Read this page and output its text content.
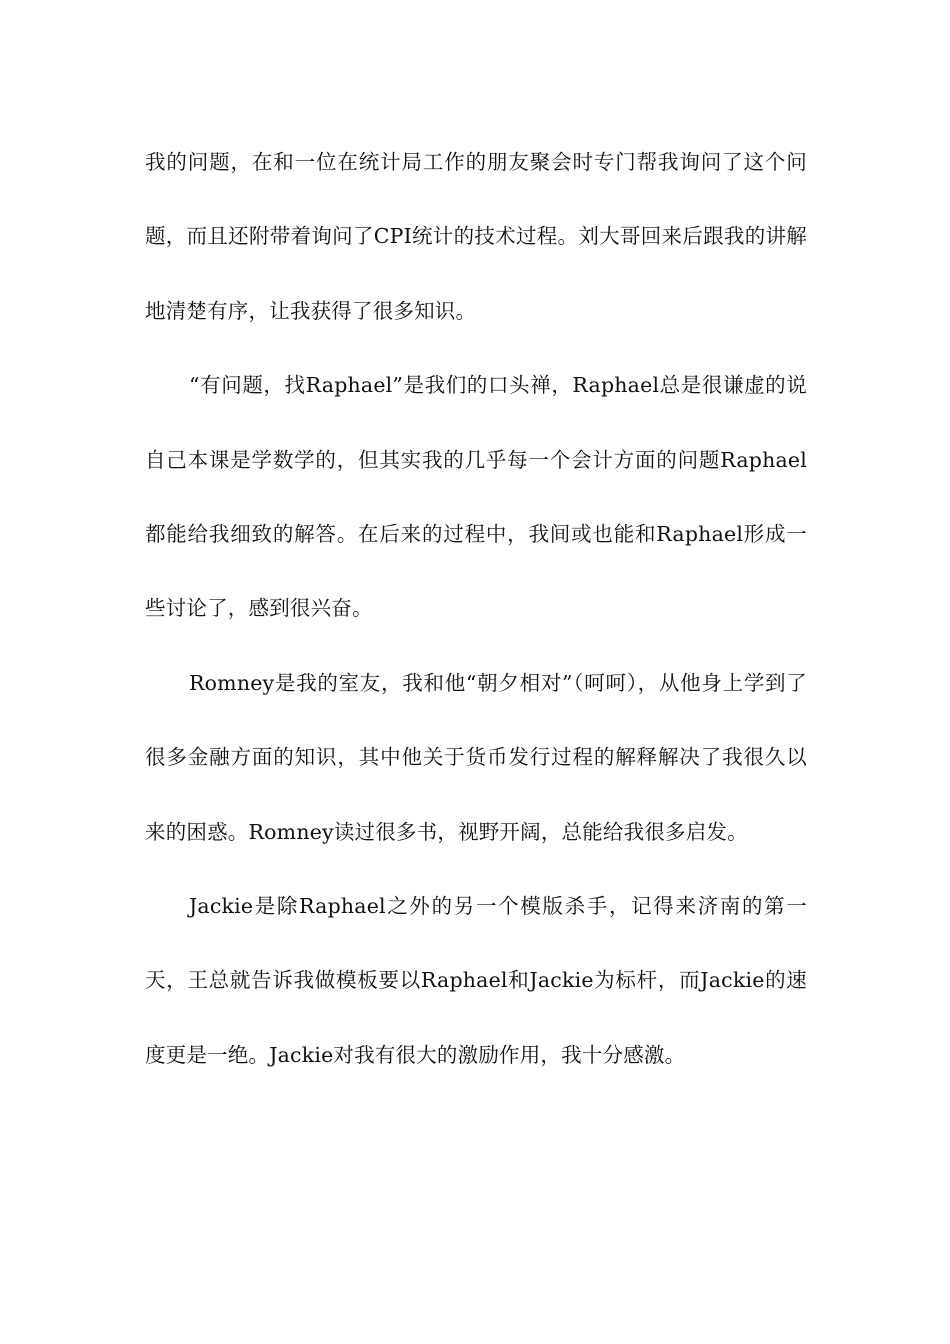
我的问题，在和一位在统计局工作的朋友聚会时专门帮我询问了这个问题，而且还附带着询问了CPI统计的技术过程。刘大哥回来后跟我的讲解地清楚有序，让我获得了很多知识。

“有问题，找Raphael”是我们的口头禅，Raphael总是很谦虚的说自己本课是学数学的，但其实我的几乎每一个会计方面的问题Raphael都能给我细致的解答。在后来的过程中，我间或也能和Raphael形成一些讨论了，感到很兴奋。

Romney是我的室友，我和他“朝夕相对”（呵呵），从他身上学到了很多金融方面的知识，其中他关于货币发行过程的解释解决了我很久以来的困惑。Romney读过很多书，视野开阔，总能给我很多启发。

Jackie是除Raphael之外的另一个模版杀手，记得来济南的第一天，王总就告诉我做模板要以Raphael和Jackie为标杆，而Jackie的速度更是一绝。Jackie对我有很大的激励作用，我十分感激。
